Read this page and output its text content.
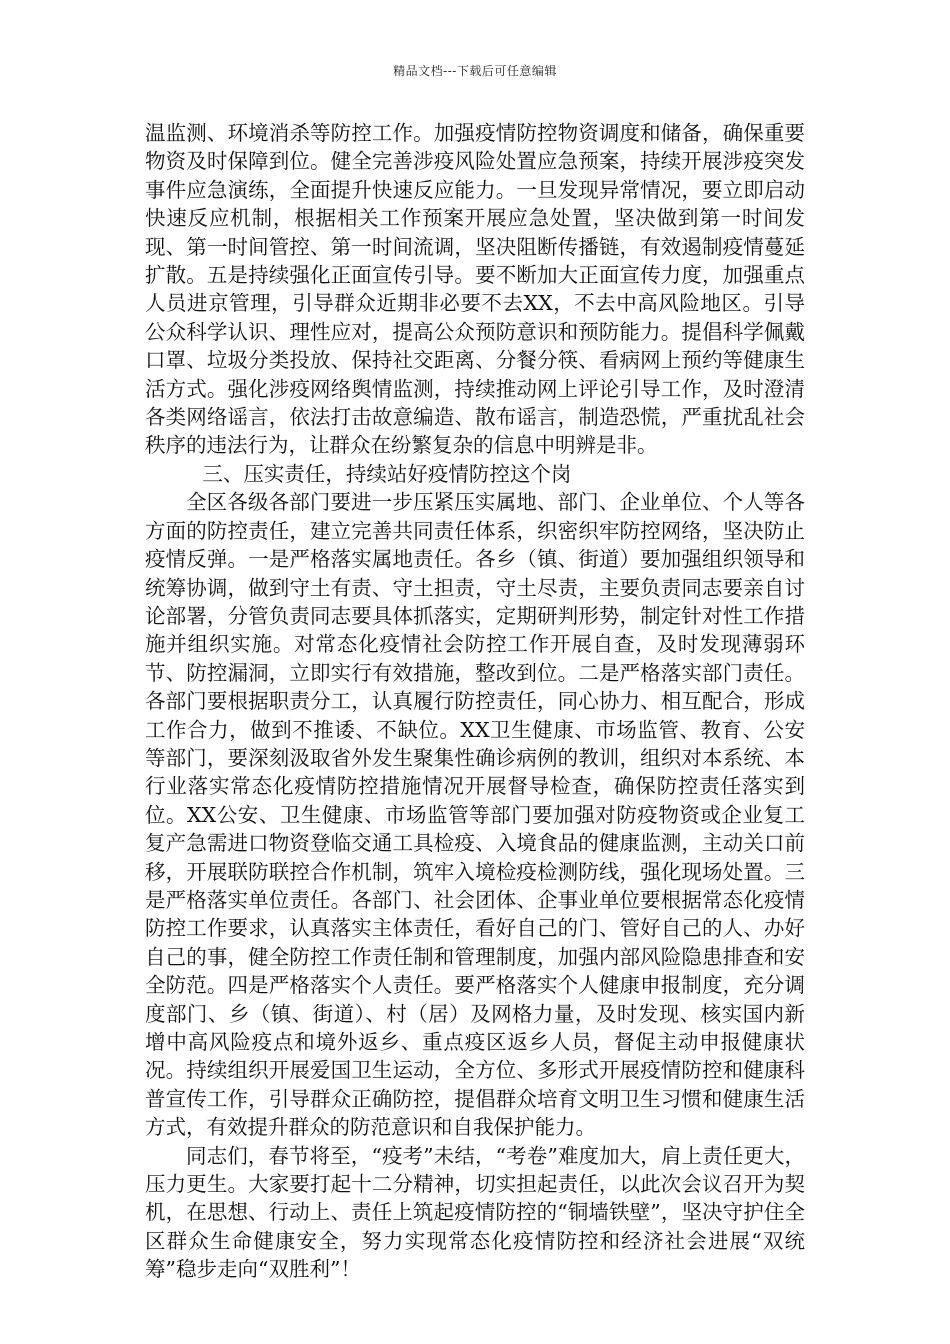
精品文档---下载后可任意编辑

温监测、环境消杀等防控工作。加强疫情防控物资调度和储备，确保重要物资及时保障到位。健全完善涉疫风险处置应急预案，持续开展涉疫突发事件应急演练，全面提升快速反应能力。一旦发现异常情况，要立即启动快速反应机制，根据相关工作预案开展应急处置，坚决做到第一时间发现、第一时间管控、第一时间流调，坚决阻断传播链，有效遏制疫情蔓延扩散。五是持续强化正面宣传引导。要不断加大正面宣传力度，加强重点人员进京管理，引导群众近期非必要不去XX，不去中高风险地区。引导公众科学认识、理性应对，提高公众预防意识和预防能力。提倡科学佩戴口罩、垃圾分类投放、保持社交距离、分餐分筷、看病网上预约等健康生活方式。强化涉疫网络舆情监测，持续推动网上评论引导工作，及时澄清各类网络谣言，依法打击故意编造、散布谣言，制造恐慌，严重扰乱社会秩序的违法行为，让群众在纷繁复杂的信息中明辨是非。

三、压实责任，持续站好疫情防控这个岗

全区各级各部门要进一步压紧压实属地、部门、企业单位、个人等各方面的防控责任，建立完善共同责任体系，织密织牢防控网络，坚决防止疫情反弹。一是严格落实属地责任。各乡（镇、街道）要加强组织领导和统筹协调，做到守土有责、守土担责，守土尽责，主要负责同志要亲自讨论部署，分管负责同志要具体抓落实，定期研判形势，制定针对性工作措施并组织实施。对常态化疫情社会防控工作开展自查，及时发现薄弱环节、防控漏洞，立即实行有效措施，整改到位。二是严格落实部门责任。各部门要根据职责分工，认真履行防控责任，同心协力、相互配合，形成工作合力，做到不推诿、不缺位。XX卫生健康、市场监管、教育、公安等部门，要深刻汲取省外发生聚集性确诊病例的教训，组织对本系统、本行业落实常态化疫情防控措施情况开展督导检查，确保防控责任落实到位。XX公安、卫生健康、市场监管等部门要加强对防疫物资或企业复工复产急需进口物资登临交通工具检疫、入境食品的健康监测，主动关口前移，开展联防联控合作机制，筑牢入境检疫检测防线，强化现场处置。三是严格落实单位责任。各部门、社会团体、企事业单位要根据常态化疫情防控工作要求，认真落实主体责任，看好自己的门、管好自己的人、办好自己的事，健全防控工作责任制和管理制度，加强内部风险隐患排查和安全防范。四是严格落实个人责任。要严格落实个人健康申报制度，充分调度部门、乡（镇、街道）、村（居）及网格力量，及时发现、核实国内新增中高风险疫点和境外返乡、重点疫区返乡人员，督促主动申报健康状况。持续组织开展爱国卫生运动，全方位、多形式开展疫情防控和健康科普宣传工作，引导群众正确防控，提倡群众培育文明卫生习惯和健康生活方式，有效提升群众的防范意识和自我保护能力。

同志们，春节将至，“疫考”未结，“考卷”难度加大，肩上责任更大，压力更生。大家要打起十二分精神，切实担起责任，以此次会议召开为契机，在思想、行动上、责任上筑起疫情防控的“铜墙铁壁”，坚决守护住全区群众生命健康安全，努力实现常态化疫情防控和经济社会进展“双统筹”稳步走向“双胜利”！
